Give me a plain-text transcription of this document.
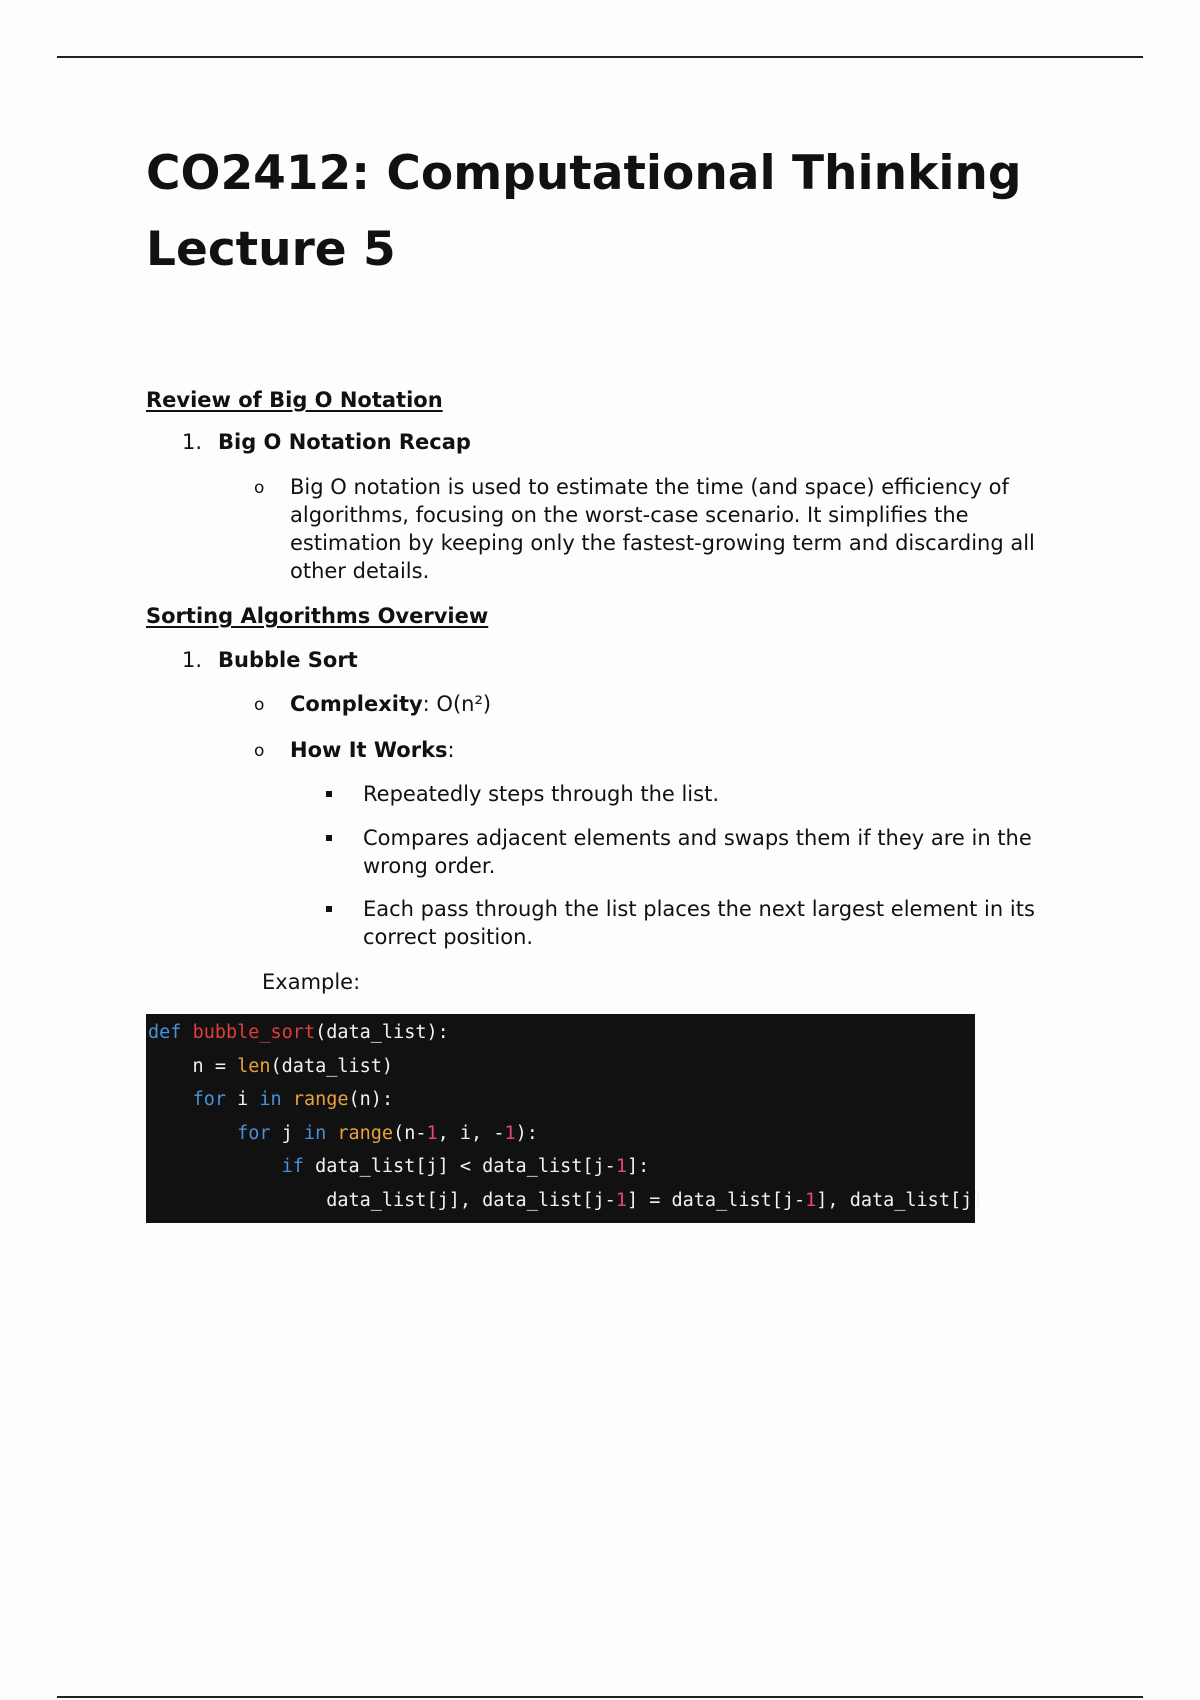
CO2412: Computational Thinking
Lecture 5
Review of Big O Notation
1. Big O Notation Recap
o Big O notation is used to estimate the time (and space) efficiency of algorithms, focusing on the worst-case scenario. It simplifies the estimation by keeping only the fastest-growing term and discarding all other details.
Sorting Algorithms Overview
1. Bubble Sort
o Complexity: O(n²)
o How It Works:
Repeatedly steps through the list.
Compares adjacent elements and swaps them if they are in the wrong order.
Each pass through the list places the next largest element in its correct position.
Example:
def bubble_sort(data_list):
n = len(data_list)
for i in range(n):
for j in range(n-1, i, -1):
if data_list[j] < data_list[j-1]:
data_list[j], data_list[j-1] = data_list[j-1], data_list[j]
